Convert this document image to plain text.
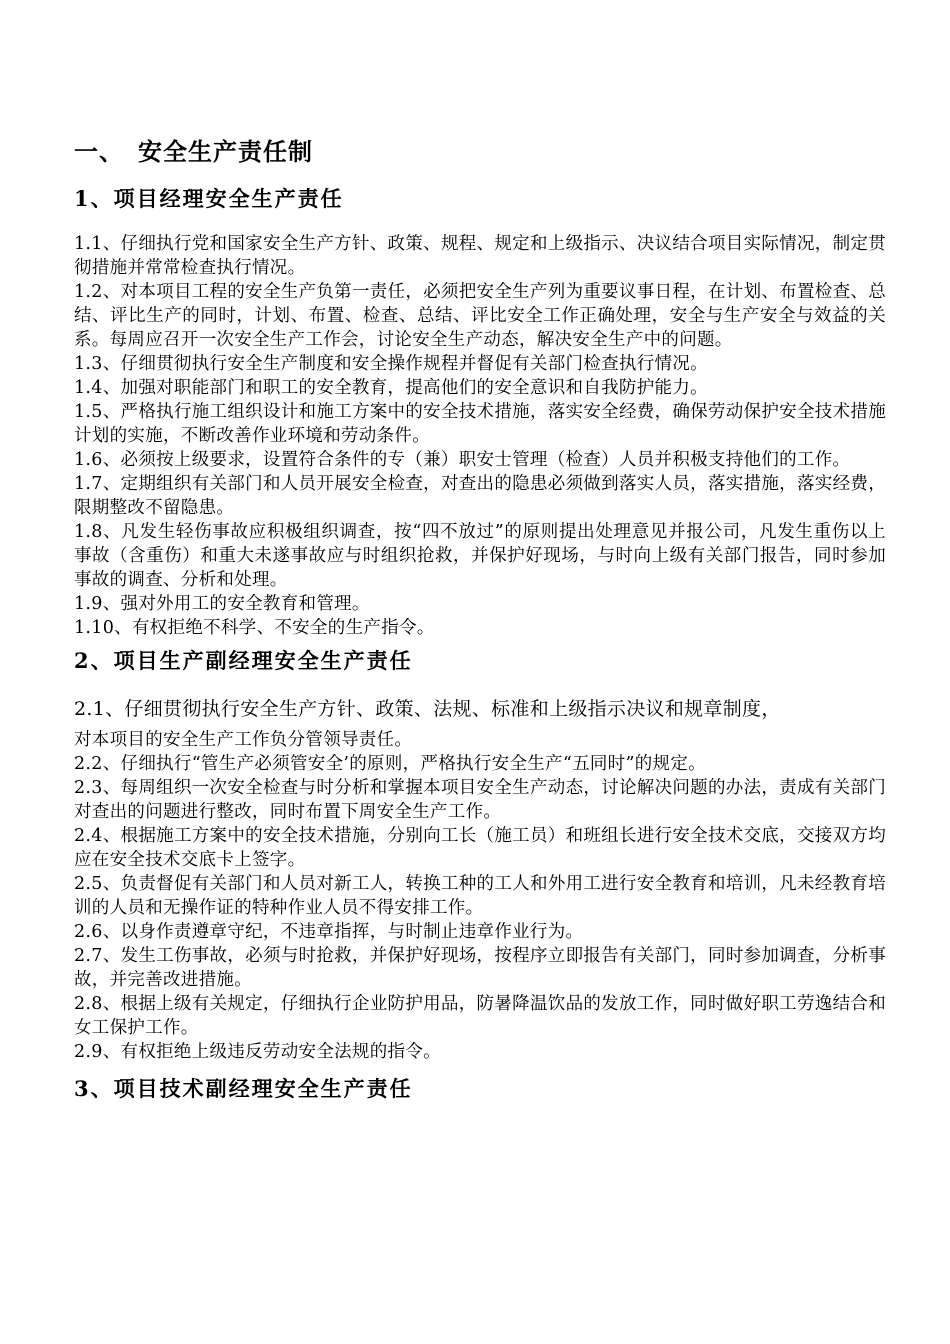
一、 安全生产责任制
1、项目经理安全生产责任

1.1、仔细执行党和国家安全生产方针、政策、规程、规定和上级指示、决议结合项目实际情况，制定贯彻措施并常常检查执行情况。

1.2、对本项目工程的安全生产负第一责任，必须把安全生产列为重要议事日程，在计划、布置检查、总结、评比生产的同时，计划、布置、检查、总结、评比安全工作正确处理，安全与生产安全与效益的关系。每周应召开一次安全生产工作会，讨论安全生产动态，解决安全生产中的问题。

1.3、仔细贯彻执行安全生产制度和安全操作规程并督促有关部门检查执行情况。

1.4、加强对职能部门和职工的安全教育，提高他们的安全意识和自我防护能力。

1.5、严格执行施工组织设计和施工方案中的安全技术措施，落实安全经费，确保劳动保护安全技术措施计划的实施，不断改善作业环境和劳动条件。

1.6、必须按上级要求，设置符合条件的专（兼）职安士管理（检查）人员并积极支持他们的工作。

1.7、定期组织有关部门和人员开展安全检查，对查出的隐患必须做到落实人员，落实措施，落实经费，限期整改不留隐患。

1.8、凡发生轻伤事故应积极组织调查，按“四不放过”的原则提出处理意见并报公司，凡发生重伤以上事故（含重伤）和重大未遂事故应与时组织抢救，并保护好现场，与时向上级有关部门报告，同时参加事故的调查、分析和处理。

1.9、强对外用工的安全教育和管理。

1.10、有权拒绝不科学、不安全的生产指令。

2、项目生产副经理安全生产责任

2.1、仔细贯彻执行安全生产方针、政策、法规、标准和上级指示决议和规章制度，

对本项目的安全生产工作负分管领导责任。

2.2、仔细执行“管生产必须管安全’的原则，严格执行安全生产“五同时”的规定。

2.3、每周组织一次安全检查与时分析和掌握本项目安全生产动态，讨论解决问题的办法，责成有关部门对查出的问题进行整改，同时布置下周安全生产工作。

2.4、根据施工方案中的安全技术措施，分别向工长（施工员）和班组长进行安全技术交底，交接双方均应在安全技术交底卡上签字。

2.5、负责督促有关部门和人员对新工人，转换工种的工人和外用工进行安全教育和培训，凡未经教育培训的人员和无操作证的特种作业人员不得安排工作。

2.6、以身作责遵章守纪，不违章指挥，与时制止违章作业行为。

2.7、发生工伤事故，必须与时抢救，并保护好现场，按程序立即报告有关部门，同时参加调查，分析事故，并完善改进措施。

2.8、根据上级有关规定，仔细执行企业防护用品，防暑降温饮品的发放工作，同时做好职工劳逸结合和女工保护工作。

2.9、有权拒绝上级违反劳动安全法规的指令。

3、项目技术副经理安全生产责任
